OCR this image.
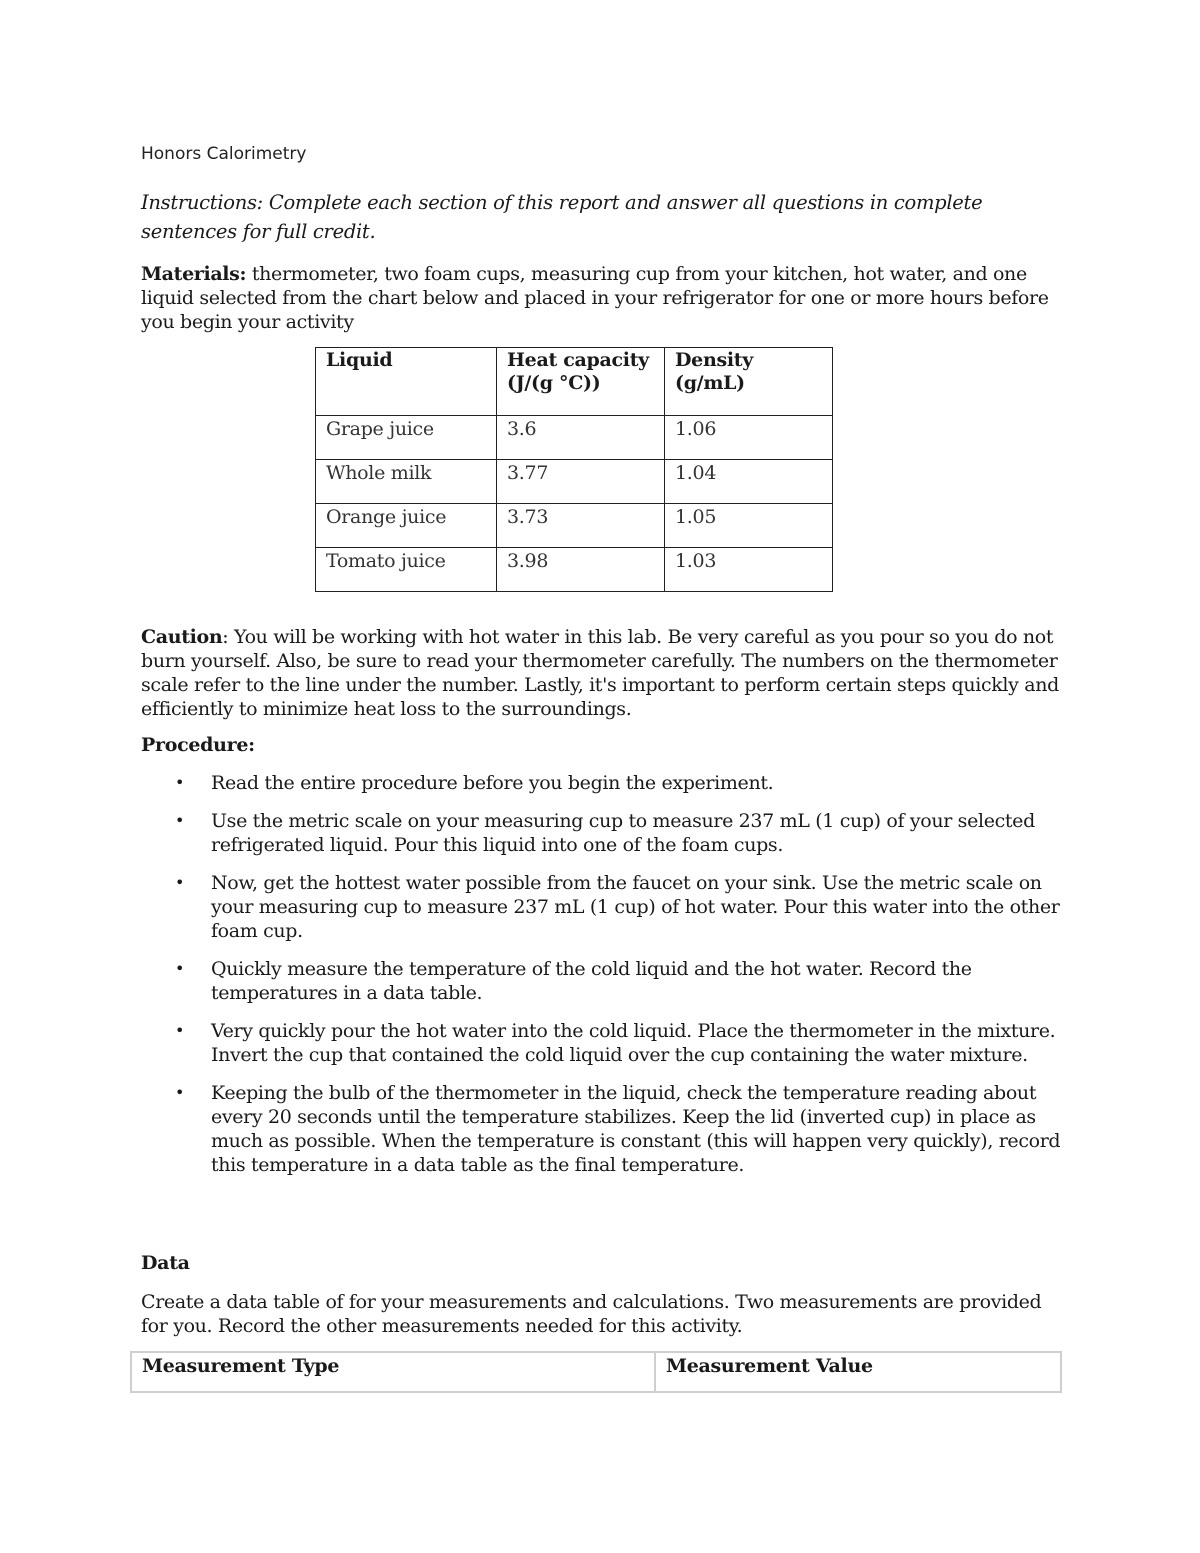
Honors Calorimetry
Instructions: Complete each section of this report and answer all questions in complete sentences for full credit.
Materials: thermometer, two foam cups, measuring cup from your kitchen, hot water, and one liquid selected from the chart below and placed in your refrigerator for one or more hours before you begin your activity
Liquid	Heat capacity (J/(g °C))	Density (g/mL)
Grape juice	3.6	1.06
Whole milk	3.77	1.04
Orange juice	3.73	1.05
Tomato juice	3.98	1.03
Caution: You will be working with hot water in this lab. Be very careful as you pour so you do not burn yourself. Also, be sure to read your thermometer carefully. The numbers on the thermometer scale refer to the line under the number. Lastly, it's important to perform certain steps quickly and efficiently to minimize heat loss to the surroundings.
Procedure:
• Read the entire procedure before you begin the experiment.
• Use the metric scale on your measuring cup to measure 237 mL (1 cup) of your selected refrigerated liquid. Pour this liquid into one of the foam cups.
• Now, get the hottest water possible from the faucet on your sink. Use the metric scale on your measuring cup to measure 237 mL (1 cup) of hot water. Pour this water into the other foam cup.
• Quickly measure the temperature of the cold liquid and the hot water. Record the temperatures in a data table.
• Very quickly pour the hot water into the cold liquid. Place the thermometer in the mixture. Invert the cup that contained the cold liquid over the cup containing the water mixture.
• Keeping the bulb of the thermometer in the liquid, check the temperature reading about every 20 seconds until the temperature stabilizes. Keep the lid (inverted cup) in place as much as possible. When the temperature is constant (this will happen very quickly), record this temperature in a data table as the final temperature.
Data
Create a data table of for your measurements and calculations. Two measurements are provided for you. Record the other measurements needed for this activity.
Measurement Type	Measurement Value
